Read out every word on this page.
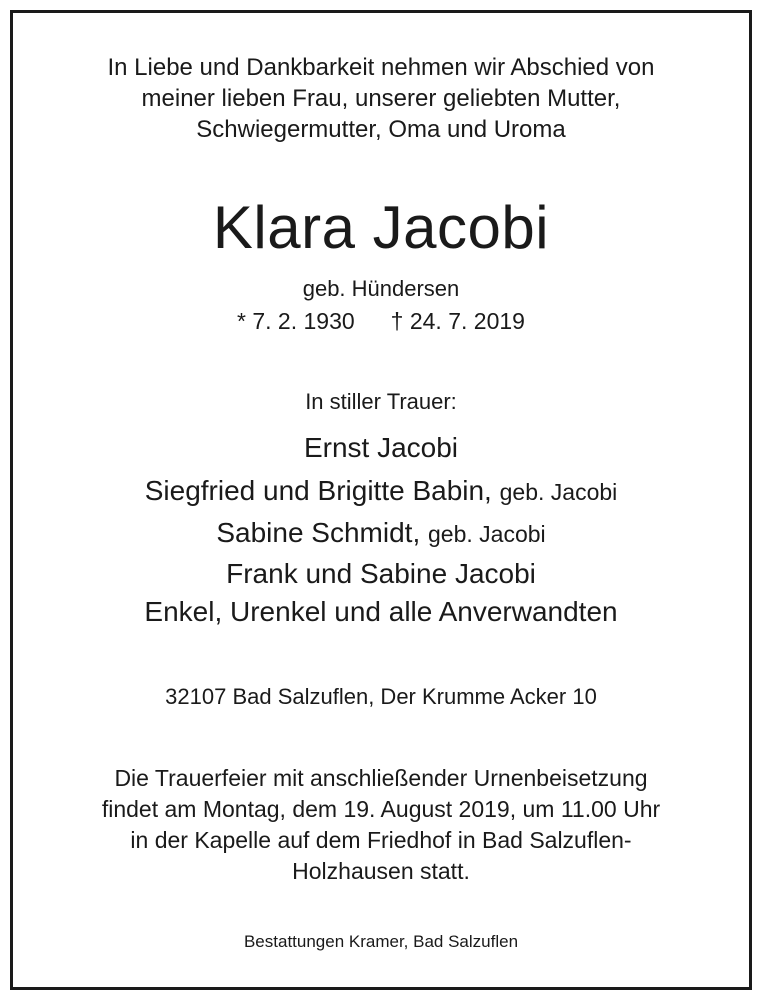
In Liebe und Dankbarkeit nehmen wir Abschied von
meiner lieben Frau, unserer geliebten Mutter,
Schwiegermutter, Oma und Uroma
Klara Jacobi
geb. Hündersen
* 7. 2. 1930 † 24. 7. 2019
In stiller Trauer:
Ernst Jacobi
Siegfried und Brigitte Babin, geb. Jacobi
Sabine Schmidt, geb. Jacobi
Frank und Sabine Jacobi
Enkel, Urenkel und alle Anverwandten
32107 Bad Salzuflen, Der Krumme Acker 10
Die Trauerfeier mit anschließender Urnenbeisetzung
findet am Montag, dem 19. August 2019, um 11.00 Uhr
in der Kapelle auf dem Friedhof in Bad Salzuflen-
Holzhausen statt.
Bestattungen Kramer, Bad Salzuflen
